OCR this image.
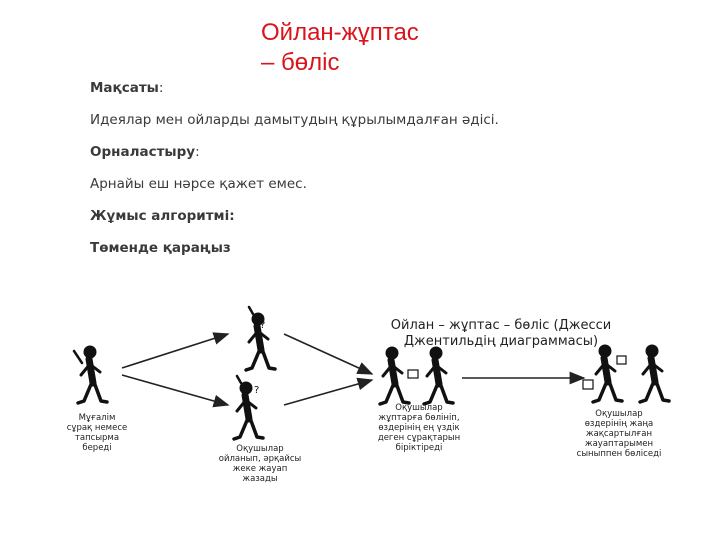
Ойлан-жұптас
– бөліс

Мақсаты:

Идеялар мен ойларды дамытудың құрылымдалған әдісі.

Орналастыру:

Арнайы еш нәрсе қажет емес.

Жұмыс алгоритмі:

Төменде қараңыз

?
?
Ойлан – жұптас – бөліс (Джесси
Джентильдің диаграммасы)
Мұғалім
сұрақ немесе
тапсырма
береді	Оқушылар
ойланып, әрқайсы
жеке жауап
жазады
Оқушылар
жұптарға бөлініп,
өздерінің ең үздік
деген сұрақтарын
біріктіреді
Оқушылар
өздерінің жаңа
жақсартылған
жауаптарымен
сыныппен бөліседі
